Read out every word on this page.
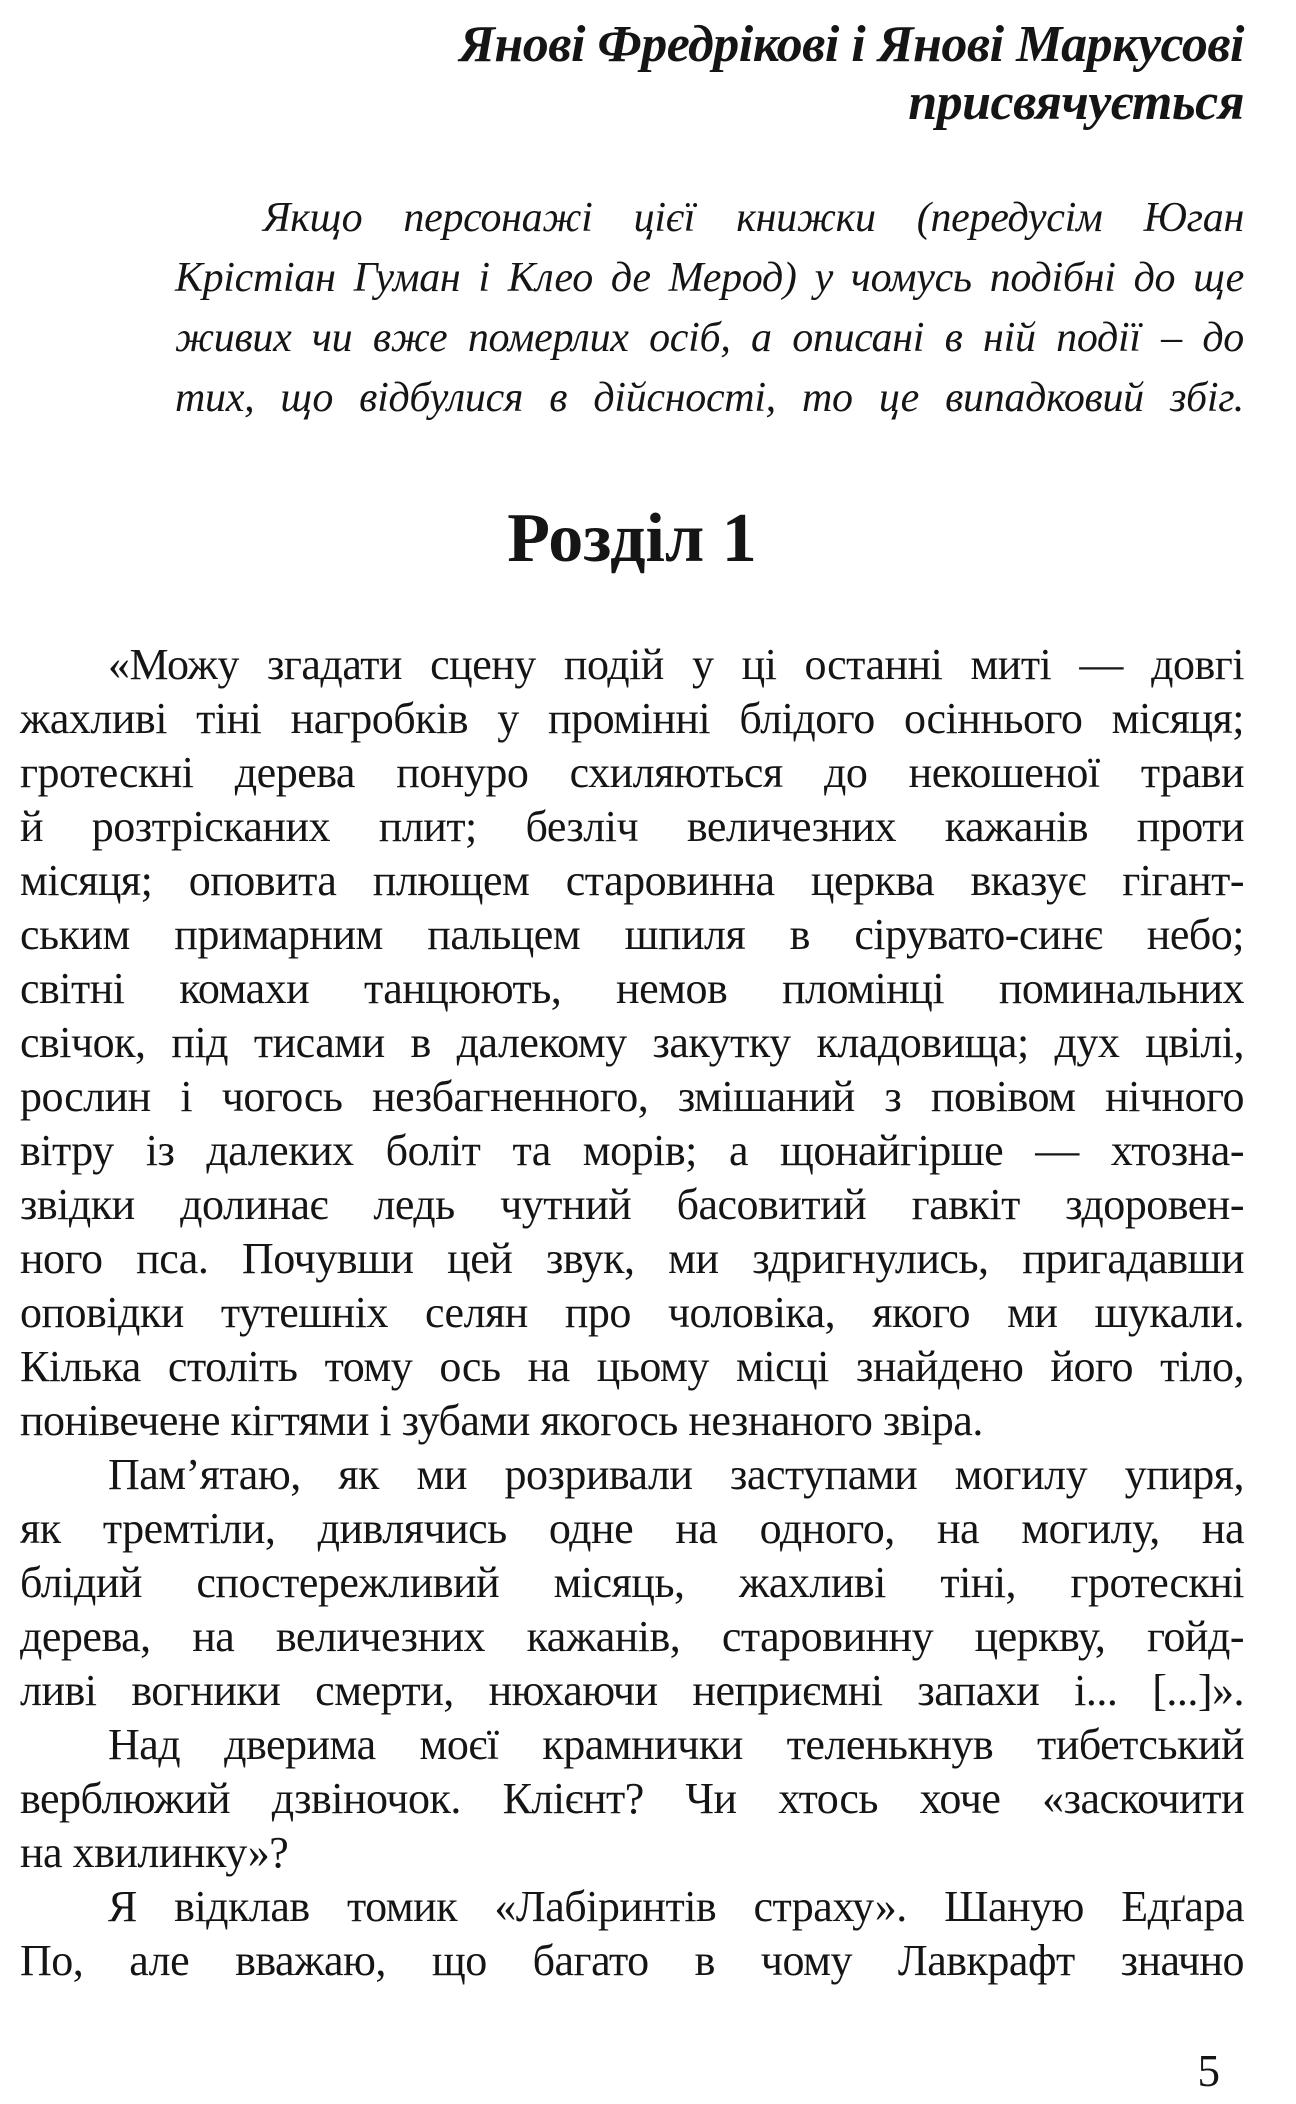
Янові Фредрікові і Янові Маркусові
присвячується
Якщо персонажі цієї книжки (передусім Юган
Крістіан Гуман і Клео де Мерод) у чомусь подібні до ще
живих чи вже померлих осіб, а описані в ній події – до
тих, що відбулися в дійсності, то це випадковий збіг.
Розділ 1
«Можу згадати сцену подій у ці останні миті — довгі
жахливі тіні нагробків у промінні блідого осіннього місяця;
гротескні дерева понуро схиляються до некошеної трави
й розтрісканих плит; безліч величезних кажанів проти
місяця; оповита плющем старовинна церква вказує гігант-
ським примарним пальцем шпиля в сірувато-синє небо;
світні комахи танцюють, немов пломінці поминальних
свічок, під тисами в далекому закутку кладовища; дух цвілі,
рослин і чогось незбагненного, змішаний з повівом нічного
вітру із далеких боліт та морів; а щонайгірше — хтозна-
звідки долинає ледь чутний басовитий гавкіт здоровен-
ного пса. Почувши цей звук, ми здригнулись, пригадавши
оповідки тутешніх селян про чоловіка, якого ми шукали.
Кілька століть тому ось на цьому місці знайдено його тіло,
понівечене кігтями і зубами якогось незнаного звіра.
Пам’ятаю, як ми розривали заступами могилу упиря,
як тремтіли, дивлячись одне на одного, на могилу, на
блідий спостережливий місяць, жахливі тіні, гротескні
дерева, на величезних кажанів, старовинну церкву, гойд-
ливі вогники смерти, нюхаючи неприємні запахи і... [...]».
Над дверима моєї крамнички теленькнув тибетський
верблюжий дзвіночок. Клієнт? Чи хтось хоче «заскочити
на хвилинку»?
Я відклав томик «Лабіринтів страху». Шаную Едґара
По, але вважаю, що багато в чому Лавкрафт значно
5
